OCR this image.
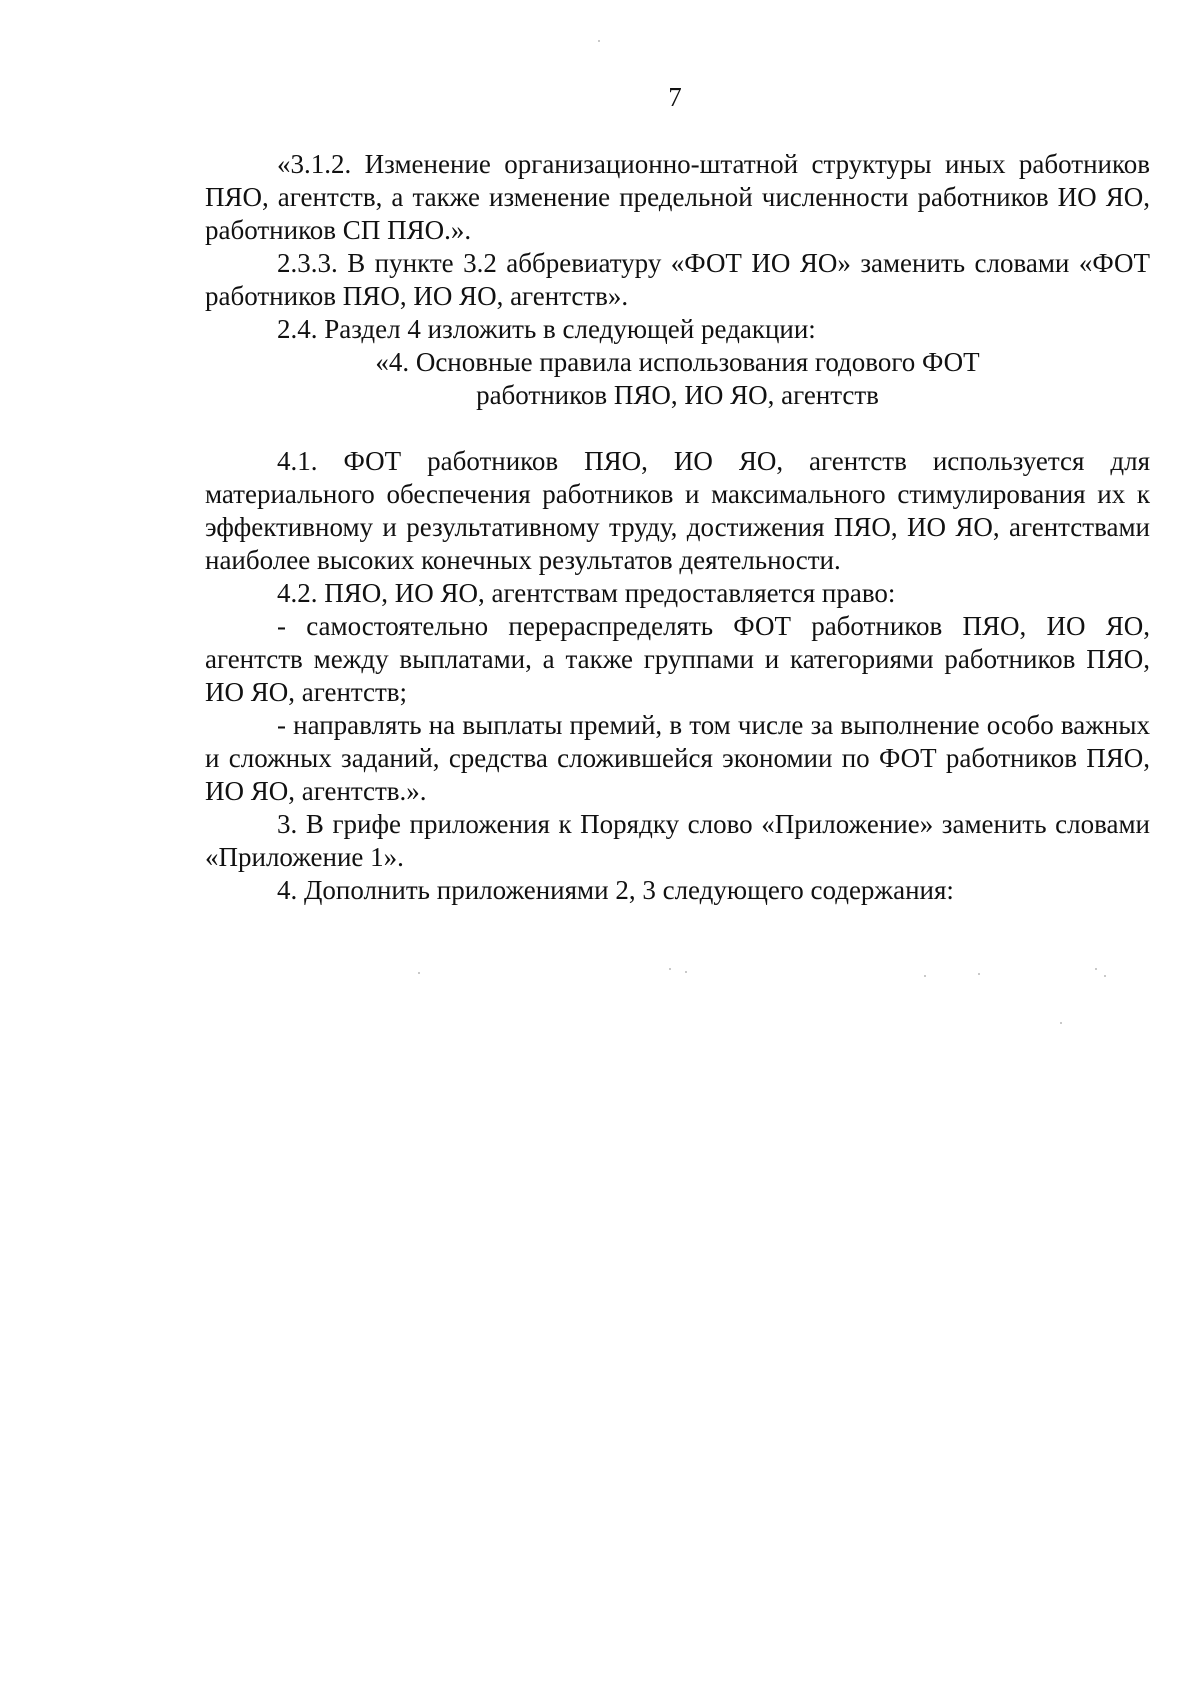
7

«3.1.2. Изменение организационно-штатной структуры иных работников ПЯО, агентств, а также изменение предельной численности работников ИО ЯО, работников СП ПЯО.».

2.3.3. В пункте 3.2 аббревиатуру «ФОТ ИО ЯО» заменить словами «ФОТ работников ПЯО, ИО ЯО, агентств».

2.4. Раздел 4 изложить в следующей редакции:

«4. Основные правила использования годового ФОТ

работников ПЯО, ИО ЯО, агентств

4.1. ФОТ работников ПЯО, ИО ЯО, агентств используется для материального обеспечения работников и максимального стимулирования их к эффективному и результативному труду, достижения ПЯО, ИО ЯО, агентствами наиболее высоких конечных результатов деятельности.

4.2. ПЯО, ИО ЯО, агентствам предоставляется право:

- самостоятельно перераспределять ФОТ работников ПЯО, ИО ЯО, агентств между выплатами, а также группами и категориями работников ПЯО, ИО ЯО, агентств;

- направлять на выплаты премий, в том числе за выполнение особо важных и сложных заданий, средства сложившейся экономии по ФОТ работников ПЯО, ИО ЯО, агентств.».

3. В грифе приложения к Порядку слово «Приложение» заменить словами «Приложение 1».

4. Дополнить приложениями 2, 3 следующего содержания:
